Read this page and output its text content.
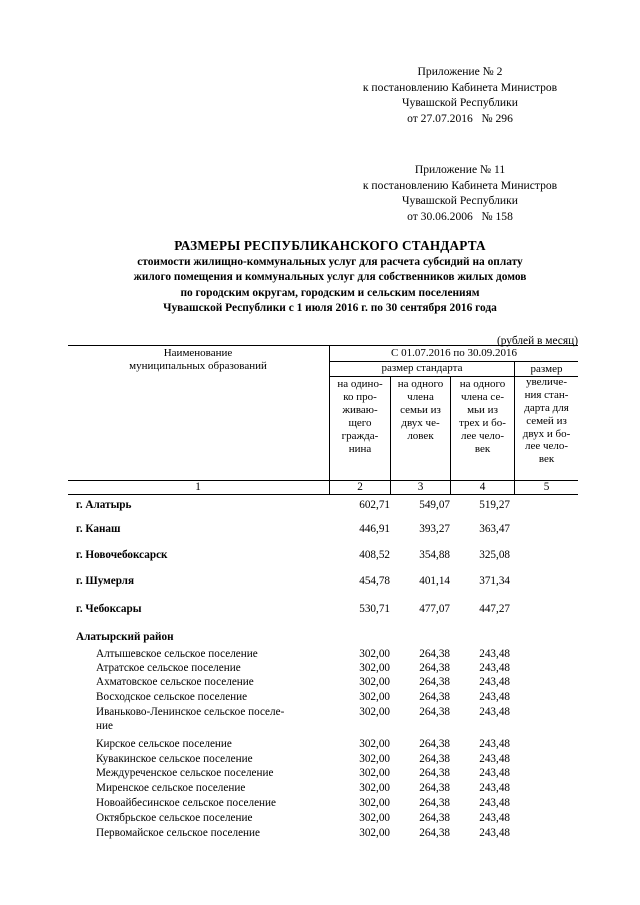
Приложение № 2
к постановлению Кабинета Министров
Чувашской Республики
от 27.07.2016   № 296
Приложение № 11
к постановлению Кабинета Министров
Чувашской Республики
от 30.06.2006   № 158
РАЗМЕРЫ РЕСПУБЛИКАНСКОГО СТАНДАРТА
стоимости жилищно-коммунальных услуг для расчета субсидий на оплату
жилого помещения и коммунальных услуг для собственников жилых домов
по городским округам, городским и сельским поселениям
Чувашской Республики с 1 июля 2016 г. по 30 сентября 2016 года
(рублей в месяц)
Наименование
муниципальных образований
С 01.07.2016 по 30.09.2016
размер стандарта
на одино-
ко про-
живаю-
щего
гражда-
нина
на одного
члена
семьи из
двух че-
ловек
на одного
члена се-
мьи из
трех и бо-
лее чело-
век
размер
увеличе-
ния стан-
дарта для
семей из
двух и бо-
лее чело-
век
1	2	3	4	5
г. Алатырь	602,71	549,07	519,27
г. Канаш	446,91	393,27	363,47
г. Новочебоксарск	408,52	354,88	325,08
г. Шумерля	454,78	401,14	371,34
г. Чебоксары	530,71	477,07	447,27
Алатырский район
Алтышевское сельское поселение	302,00	264,38	243,48
Атратское сельское поселение	302,00	264,38	243,48
Ахматовское сельское поселение	302,00	264,38	243,48
Восходское сельское поселение	302,00	264,38	243,48
Иваньково-Ленинское сельское поселе-
ние
302,00	264,38	243,48
Кирское сельское поселение	302,00	264,38	243,48
Кувакинское сельское поселение	302,00	264,38	243,48
Междуреченское сельское поселение	302,00	264,38	243,48
Миренское сельское поселение	302,00	264,38	243,48
Новоайбесинское сельское поселение	302,00	264,38	243,48
Октябрьское сельское поселение	302,00	264,38	243,48
Первомайское сельское поселение	302,00	264,38	243,48
